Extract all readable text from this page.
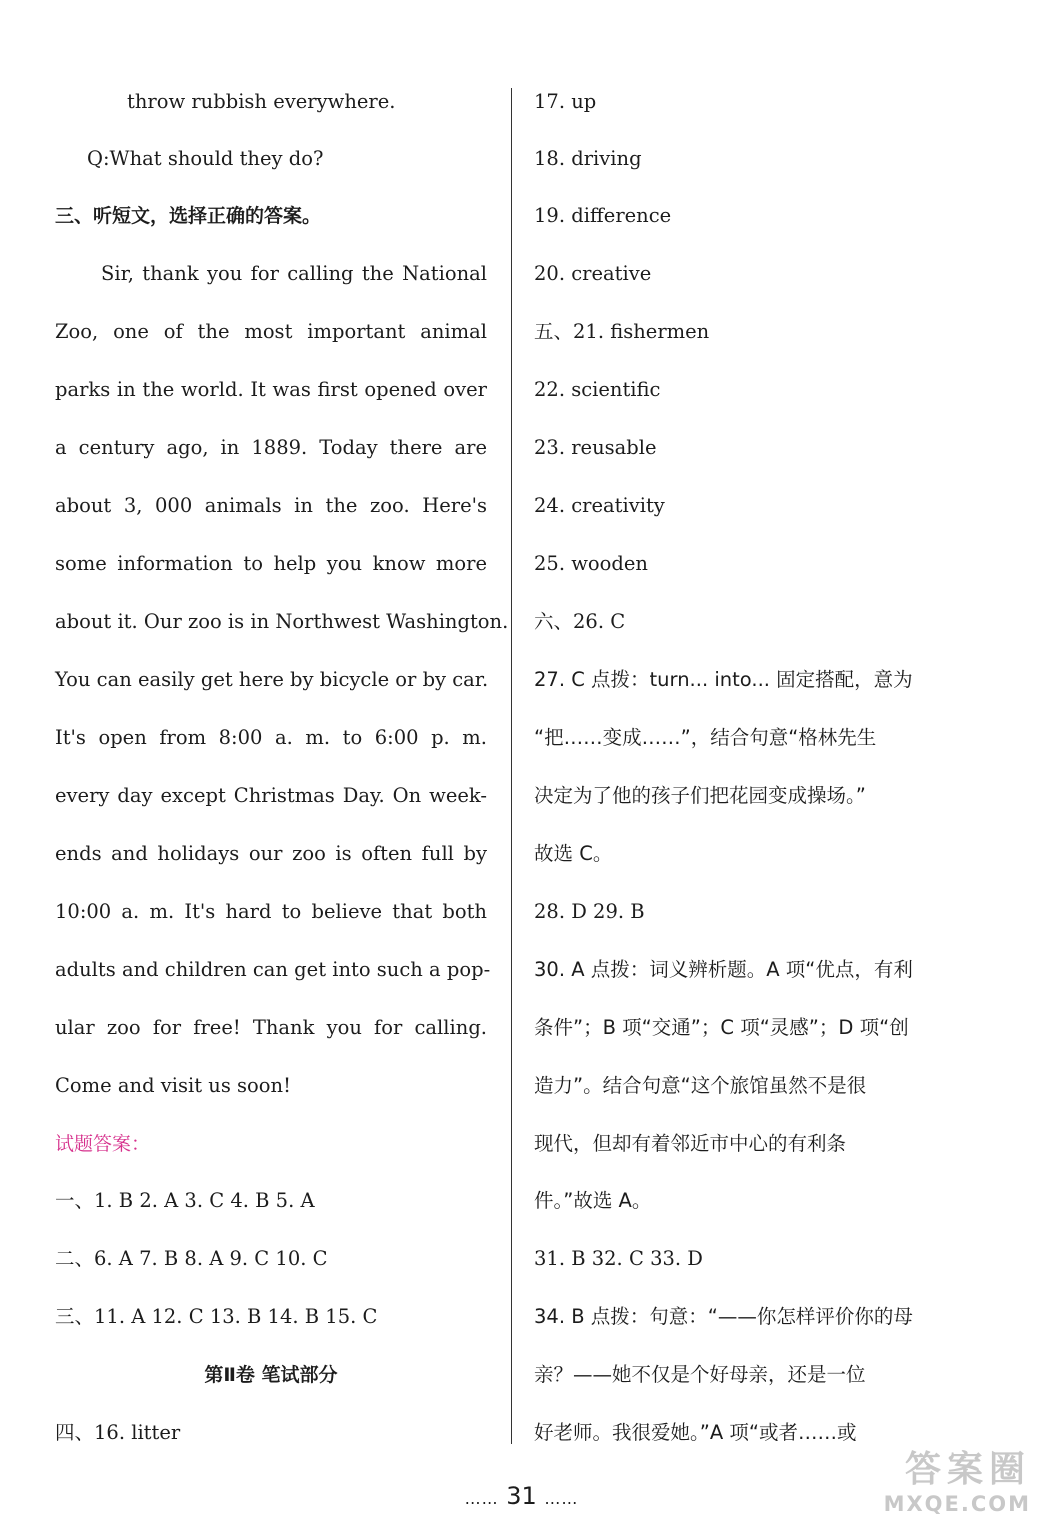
throw rubbish everywhere.
Q:What should they do?
三、听短文，选择正确的答案。
Sir, thank you for calling the National
Zoo, one of the most important animal
parks in the world. It was first opened over
a century ago, in 1889. Today there are
about 3, 000 animals in the zoo. Here's
some information to help you know more
about it. Our zoo is in Northwest Washington.
You can easily get here by bicycle or by car.
It's open from 8:00 a. m. to 6:00 p. m.
every day except Christmas Day. On week-
ends and holidays our zoo is often full by
10:00 a. m. It's hard to believe that both
adults and children can get into such a pop-
ular zoo for free! Thank you for calling.
Come and visit us soon!
试题答案：
一、1. B 2. A 3. C 4. B 5. A
二、6. A 7. B 8. A 9. C 10. C
三、11. A 12. C 13. B 14. B 15. C
第Ⅱ卷 笔试部分
四、16. litter
17. up
18. driving
19. difference
20. creative
五、21. fishermen
22. scientific
23. reusable
24. creativity
25. wooden
六、26. C
27. C 点拨：turn... into... 固定搭配，意为
“把……变成……”，结合句意“格林先生
决定为了他的孩子们把花园变成操场。”
故选 C。
28. D 29. B
30. A 点拨：词义辨析题。A 项“优点，有利
条件”；B 项“交通”；C 项“灵感”；D 项“创
造力”。结合句意“这个旅馆虽然不是很
现代，但却有着邻近市中心的有利条
件。”故选 A。
31. B 32. C 33. D
34. B 点拨：句意：“——你怎样评价你的母
亲？——她不仅是个好母亲，还是一位
好老师。我很爱她。”A 项“或者……或
…… 31 ……
答案圈
MXQE.COM
